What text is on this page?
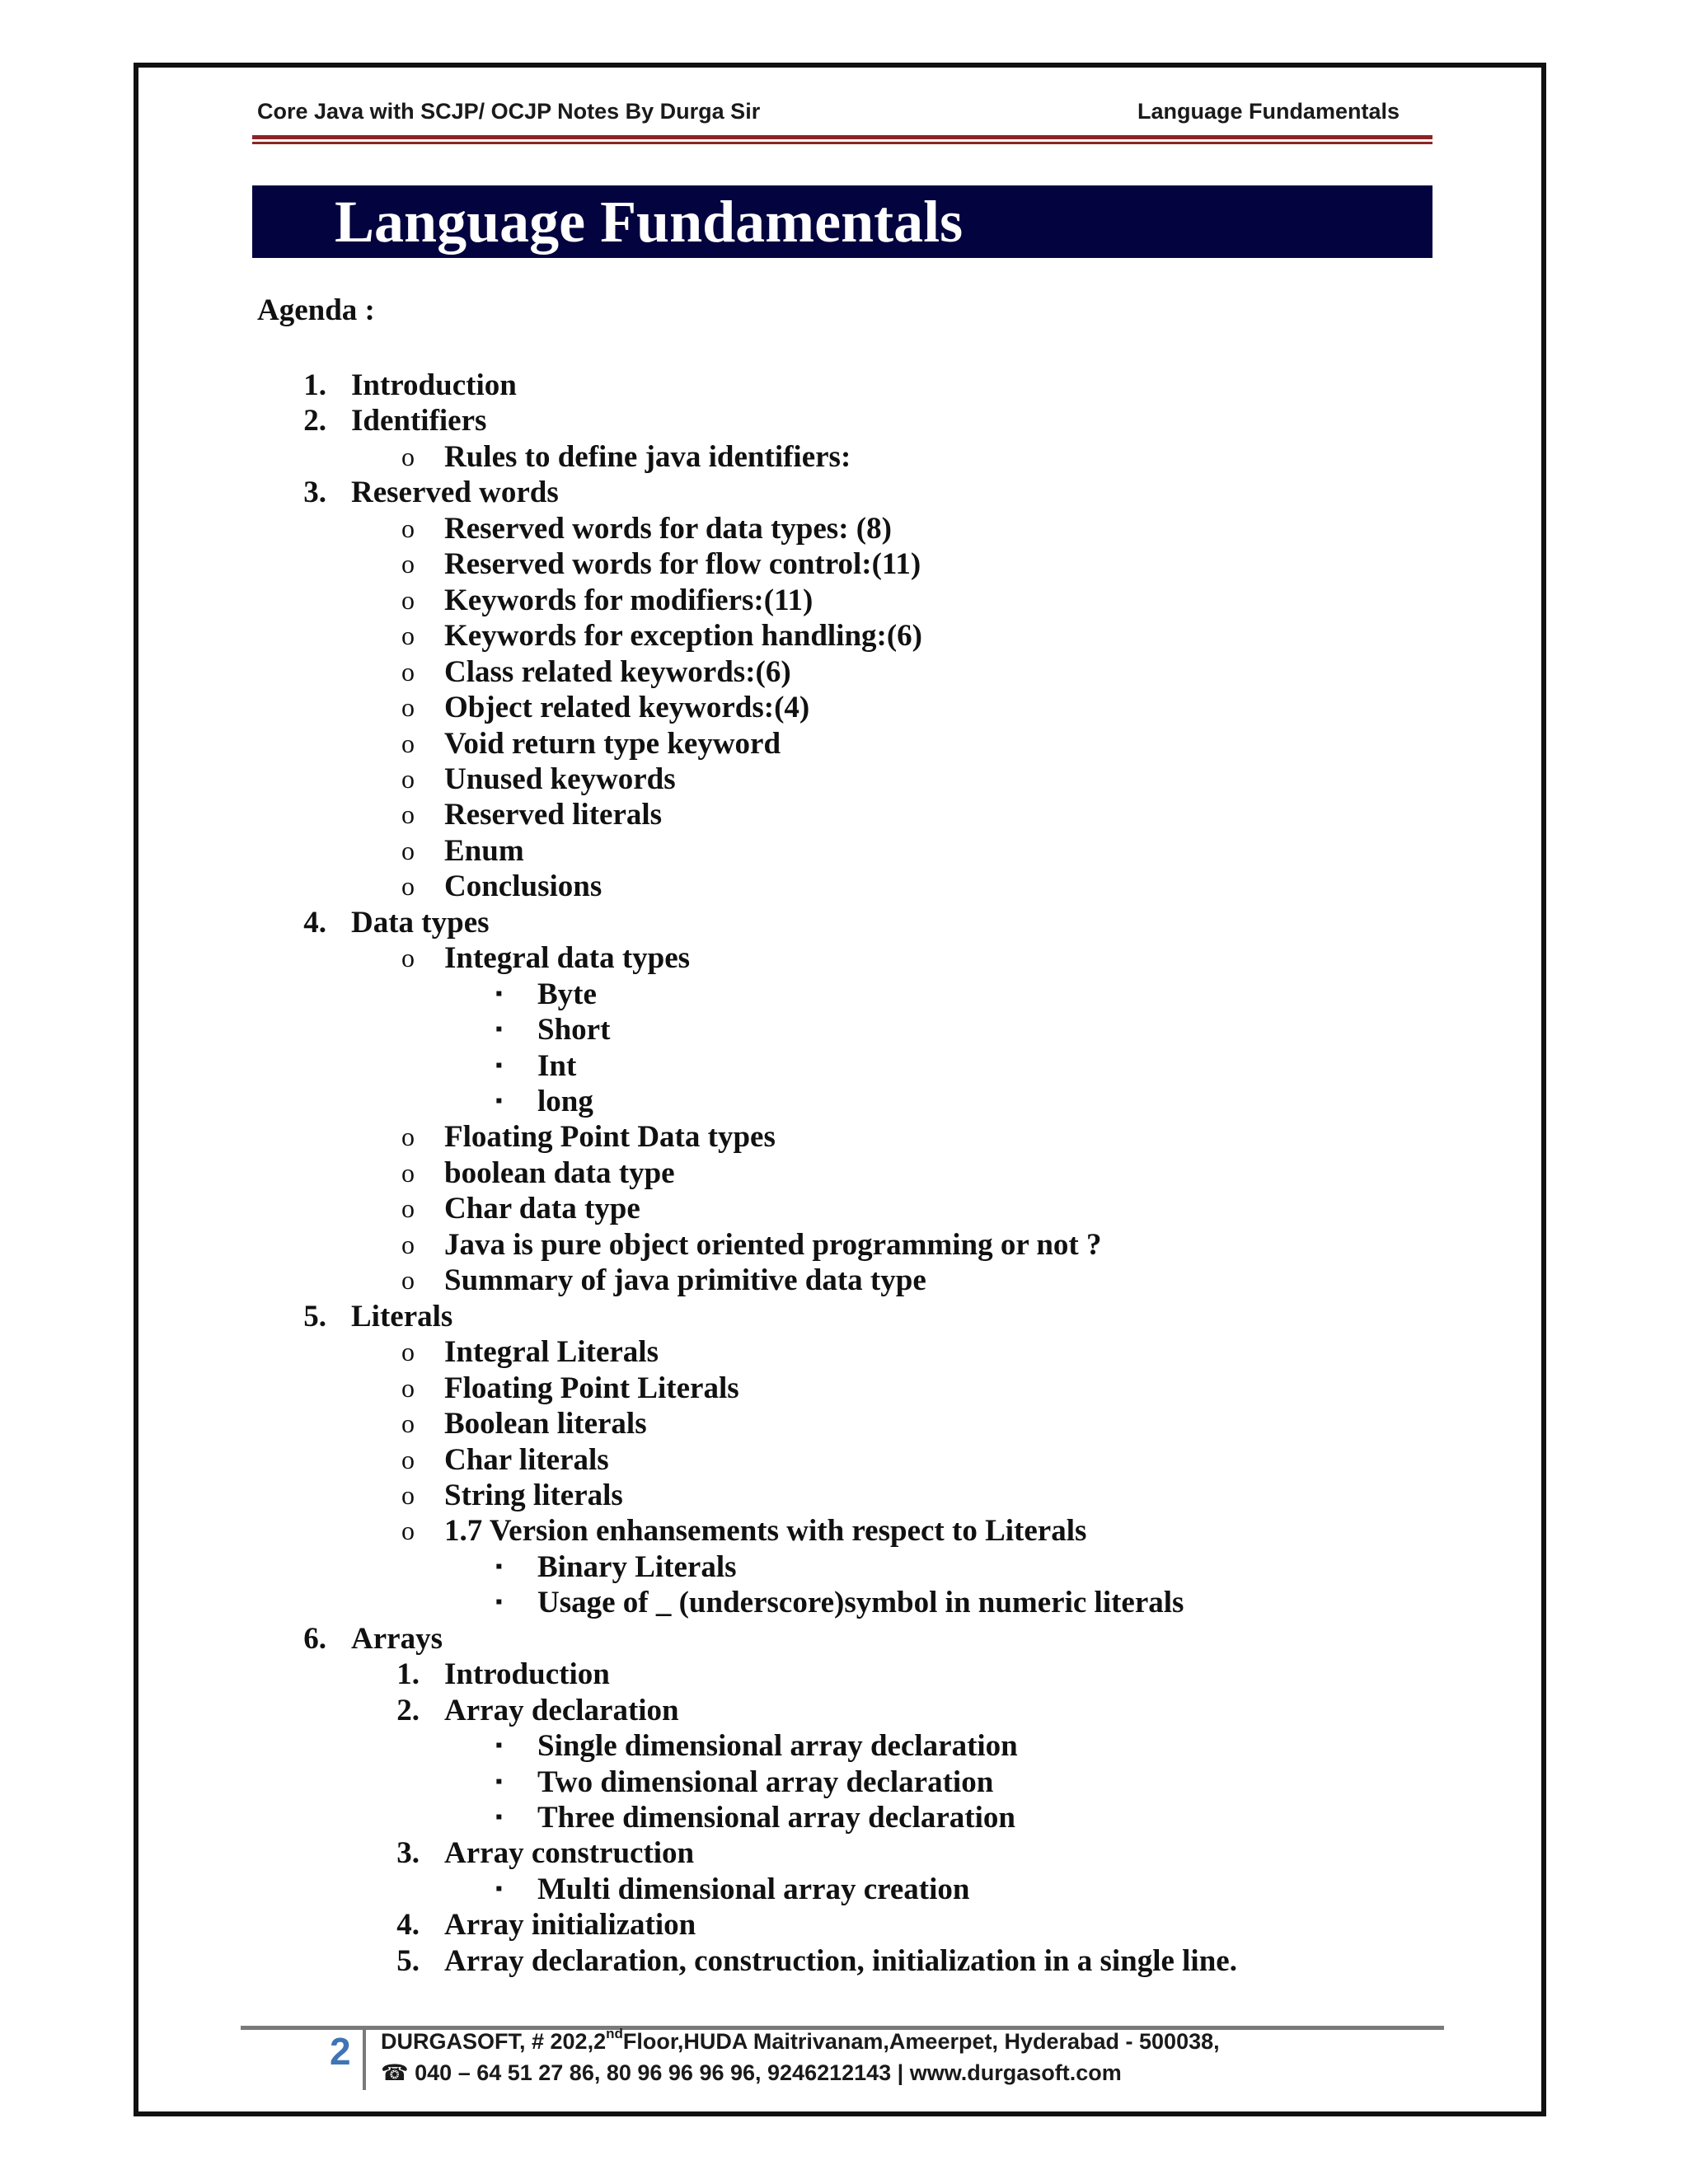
Core Java with SCJP/ OCJP Notes By Durga Sir	Language Fundamentals
Language Fundamentals
Agenda :
1. Introduction
2. Identifiers
o Rules to define java identifiers:
3. Reserved words
o Reserved words for data types: (8)
o Reserved words for flow control:(11)
o Keywords for modifiers:(11)
o Keywords for exception handling:(6)
o Class related keywords:(6)
o Object related keywords:(4)
o Void return type keyword
o Unused keywords
o Reserved literals
o Enum
o Conclusions
4. Data types
o Integral data types
▪ Byte
▪ Short
▪ Int
▪ long
o Floating Point Data types
o boolean data type
o Char data type
o Java is pure object oriented programming or not ?
o Summary of java primitive data type
5. Literals
o Integral Literals
o Floating Point Literals
o Boolean literals
o Char literals
o String literals
o 1.7 Version enhansements with respect to Literals
▪ Binary Literals
▪ Usage of _ (underscore)symbol in numeric literals
6. Arrays
1. Introduction
2. Array declaration
▪ Single dimensional array declaration
▪ Two dimensional array declaration
▪ Three dimensional array declaration
3. Array construction
▪ Multi dimensional array creation
4. Array initialization
5. Array declaration, construction, initialization in a single line.
2 DURGASOFT, # 202,2ndFloor,HUDA Maitrivanam,Ameerpet, Hyderabad - 500038,
☎ 040 – 64 51 27 86, 80 96 96 96 96, 9246212143 | www.durgasoft.com
